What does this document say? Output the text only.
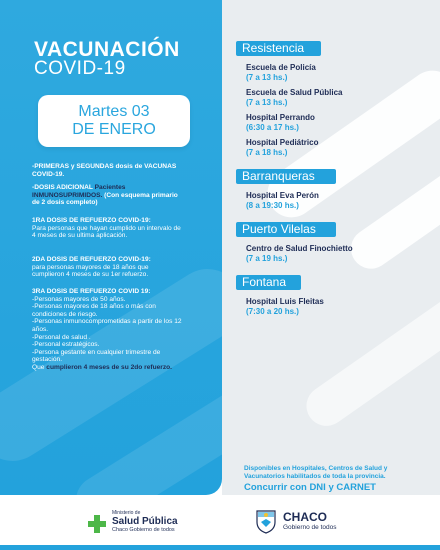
VACUNACIÓN
COVID-19
Martes 03
DE ENERO
-PRIMERAS y SEGUNDAS dosis de VACUNAS COVID-19.
-DOSIS ADICIONAL Pacientes INMUNOSUPRIMIDOS. (Con esquema primario de 2 dosis completo)
1RA DOSIS DE REFUERZO COVID-19:
Para personas que hayan cumplido un intervalo de 4 meses de su ultima aplicación.
2DA DOSIS DE REFUERZO COVID-19:
para personas mayores de 18 años que cumplieron 4 meses de su 1er refuerzo.
3RA DOSIS DE REFUERZO COVID 19:
-Personas mayores de 50 años.
-Personas mayores de 18 años o más con condiciones de riesgo.
-Personas inmunocomprometidas a partir de los 12 años.
-Personal de salud .
-Personal estratégicos.
-Persona gestante en cualquier trimestre de gestación.
Que cumplieron 4 meses de su 2do refuerzo.
Resistencia
Escuela de Policía
(7 a 13 hs.)
Escuela de Salud Pública
(7 a 13 hs.)
Hospital Perrando
(6:30 a 17 hs.)
Hospital Pediátrico
(7 a 18 hs.)
Barranqueras
Hospital Eva Perón
(8 a 19:30 hs.)
Puerto Vilelas
Centro de Salud Finochietto
(7 a 19 hs.)
Fontana
Hospital Luis Fleitas
(7:30 a 20 hs.)
Disponibles en Hospitales, Centros de Salud y Vacunatorios habilitados de toda la provincia.
Concurrir con DNI y CARNET
Ministerio de
Salud Pública
Chaco Gobierno de todos
CHACO
Gobierno de todos
